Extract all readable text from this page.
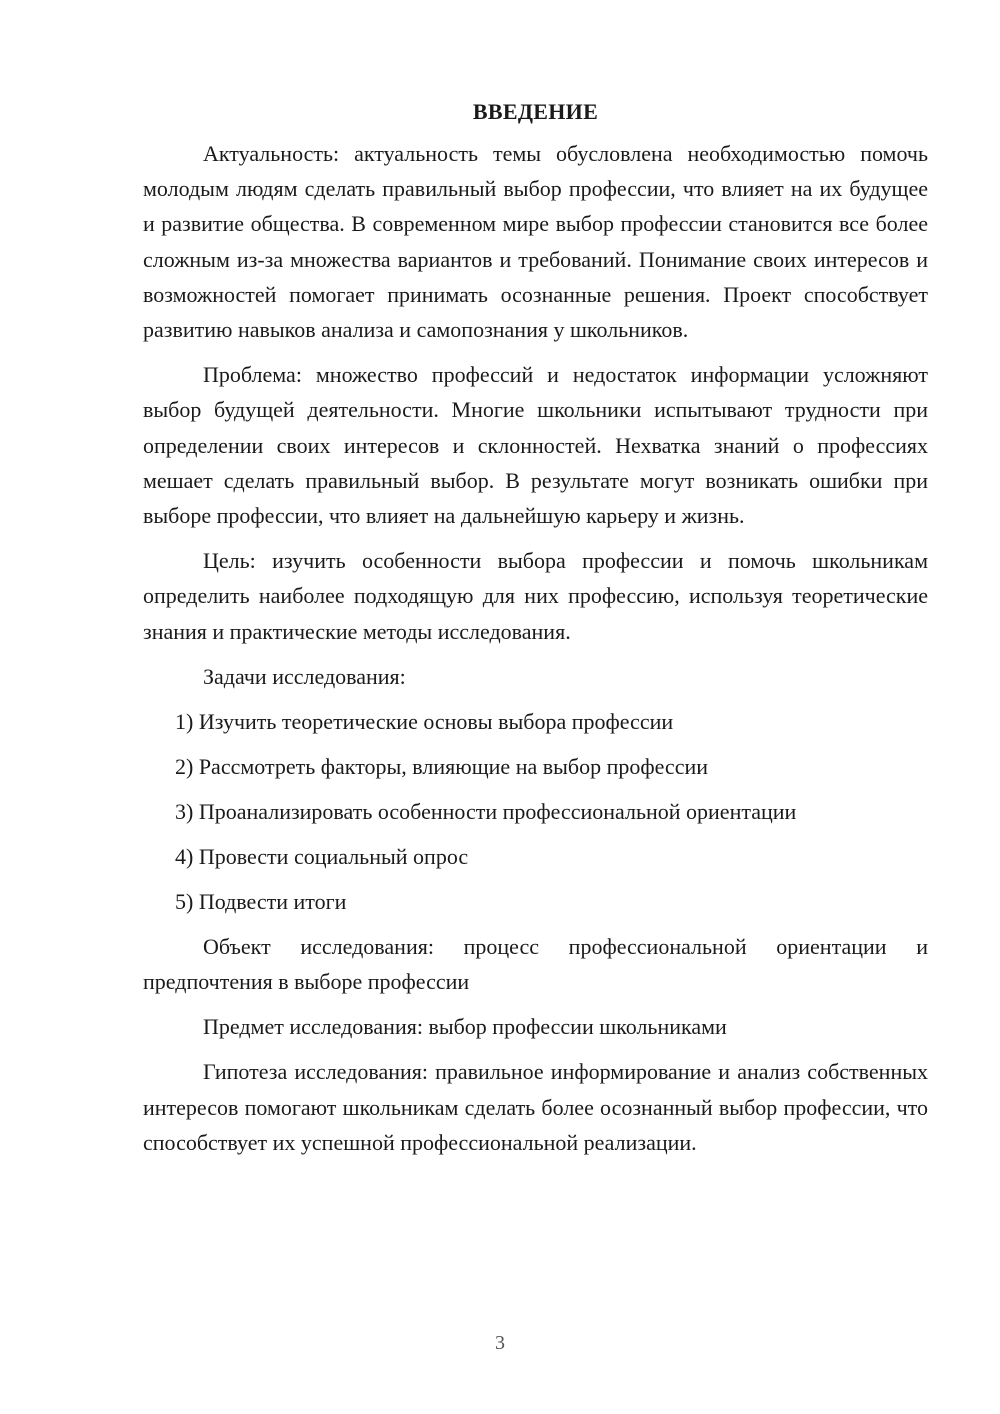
ВВЕДЕНИЕ

Актуальность: актуальность темы обусловлена необходимостью помочь молодым людям сделать правильный выбор профессии, что влияет на их будущее и развитие общества. В современном мире выбор профессии становится все более сложным из-за множества вариантов и требований. Понимание своих интересов и возможностей помогает принимать осознанные решения. Проект способствует развитию навыков анализа и самопознания у школьников.

Проблема: множество профессий и недостаток информации усложняют выбор будущей деятельности. Многие школьники испытывают трудности при определении своих интересов и склонностей. Нехватка знаний о профессиях мешает сделать правильный выбор. В результате могут возникать ошибки при выборе профессии, что влияет на дальнейшую карьеру и жизнь.

Цель: изучить особенности выбора профессии и помочь школьникам определить наиболее подходящую для них профессию, используя теоретические знания и практические методы исследования.

Задачи исследования:
1) Изучить теоретические основы выбора профессии
2) Рассмотреть факторы, влияющие на выбор профессии
3) Проанализировать особенности профессиональной ориентации
4) Провести социальный опрос
5) Подвести итоги

Объект исследования: процесс профессиональной ориентации и предпочтения в выборе профессии

Предмет исследования: выбор профессии школьниками

Гипотеза исследования: правильное информирование и анализ собственных интересов помогают школьникам сделать более осознанный выбор профессии, что способствует их успешной профессиональной реализации.

3
